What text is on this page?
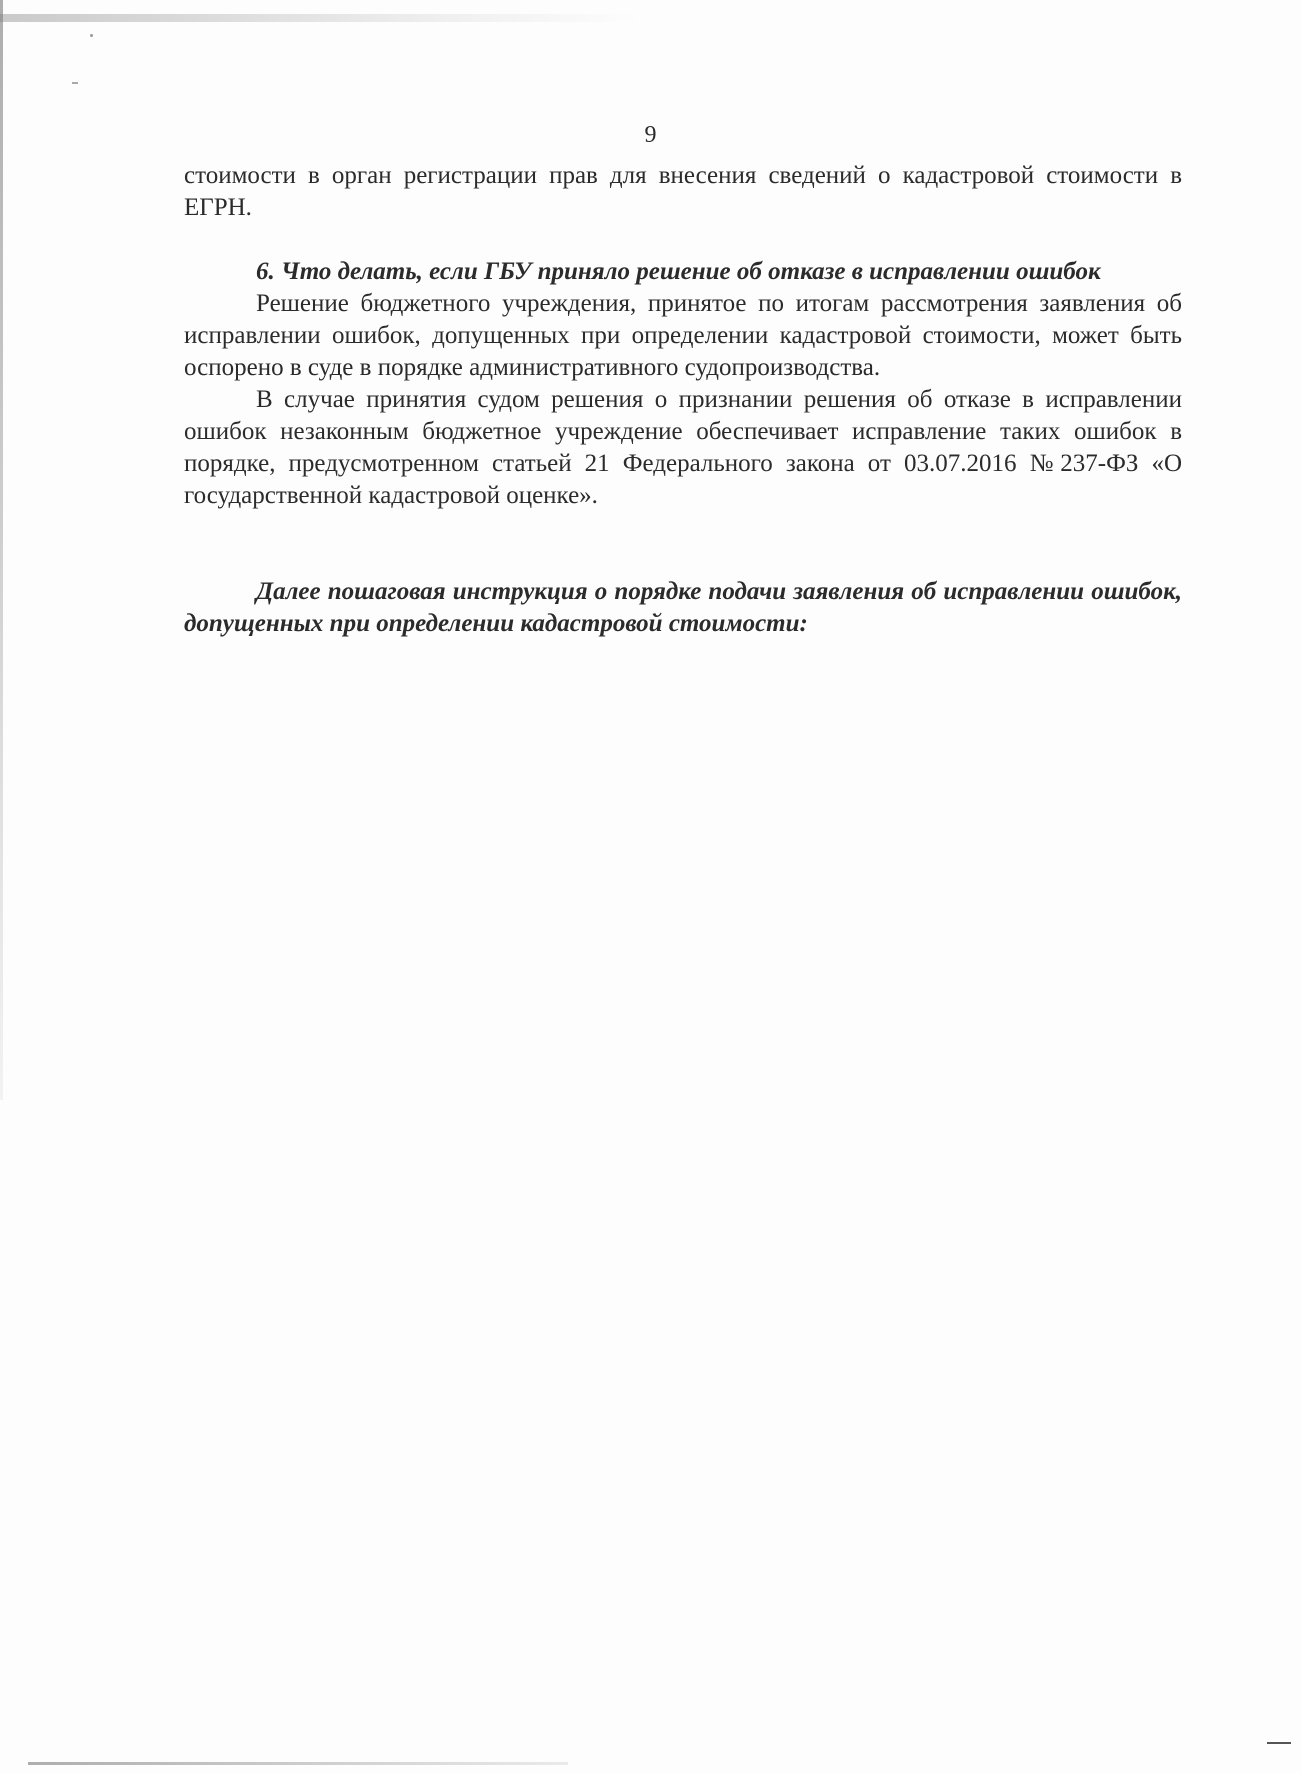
9

стоимости в орган регистрации прав для внесения сведений о кадастровой стоимости в ЕГРН.

6. Что делать, если ГБУ приняло решение об отказе в исправлении ошибок

Решение бюджетного учреждения, принятое по итогам рассмотрения заявления об исправлении ошибок, допущенных при определении кадастровой стоимости, может быть оспорено в суде в порядке административного судопроизводства.

В случае принятия судом решения о признании решения об отказе в исправлении ошибок незаконным бюджетное учреждение обеспечивает исправление таких ошибок в порядке, предусмотренном статьей 21 Федерального закона от 03.07.2016 №237-ФЗ «О государственной кадастровой оценке».

Далее пошаговая инструкция о порядке подачи заявления об исправлении ошибок, допущенных при определении кадастровой стоимости:
